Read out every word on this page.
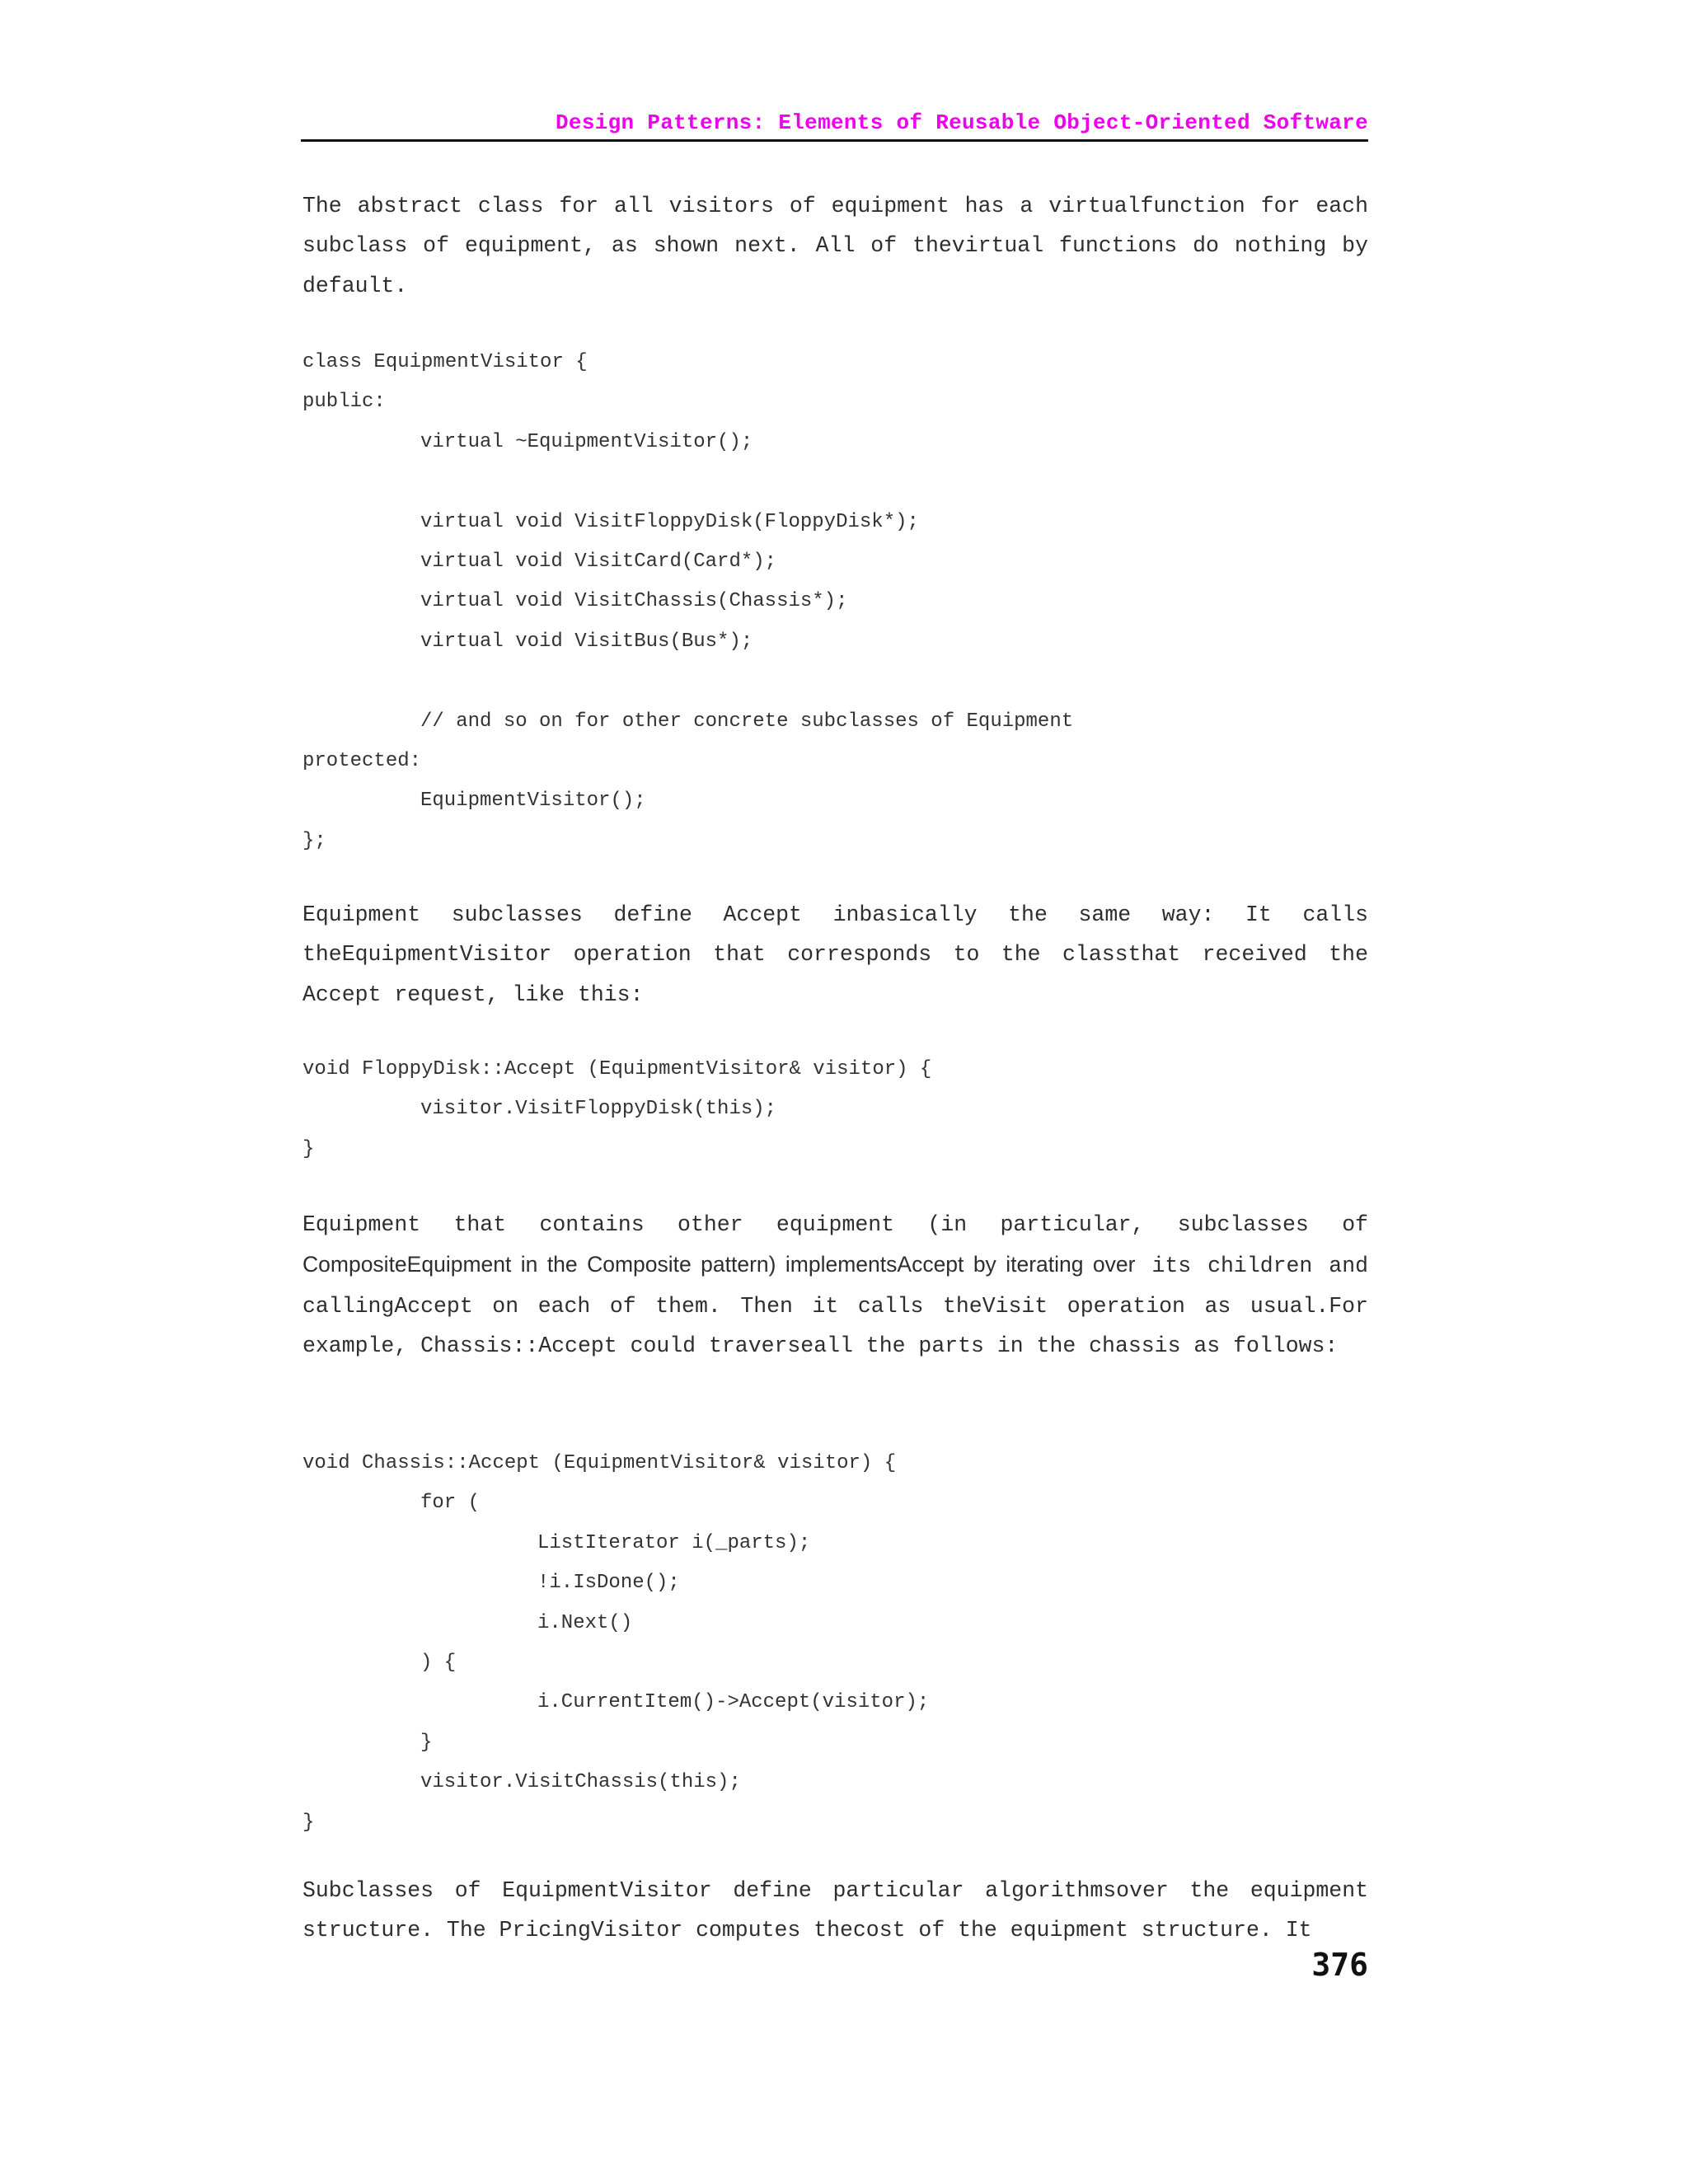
Design Patterns: Elements of Reusable Object-Oriented Software

The abstract class for all visitors of equipment has a virtualfunction for each subclass of equipment, as shown next. All of thevirtual functions do nothing by default.

class EquipmentVisitor {
public:
virtual ~EquipmentVisitor();
virtual void VisitFloppyDisk(FloppyDisk*);
virtual void VisitCard(Card*);
virtual void VisitChassis(Chassis*);
virtual void VisitBus(Bus*);
// and so on for other concrete subclasses of Equipment
protected:
EquipmentVisitor();
};

Equipment subclasses define Accept inbasically the same way: It calls theEquipmentVisitor operation that corresponds to the classthat received the Accept request, like this:

void FloppyDisk::Accept (EquipmentVisitor& visitor) {
visitor.VisitFloppyDisk(this);
}

Equipment that contains other equipment (in particular, subclasses of CompositeEquipment in the Composite pattern) implementsAccept by iterating over its children and callingAccept on each of them. Then it calls theVisit operation as usual.For example, Chassis::Accept could traverseall the parts in the chassis as follows:

void Chassis::Accept (EquipmentVisitor& visitor) {
for (
ListIterator i(_parts);
!i.IsDone();
i.Next()
) {
i.CurrentItem()->Accept(visitor);
}
visitor.VisitChassis(this);
}

Subclasses of EquipmentVisitor define particular algorithmsover the equipment structure. The PricingVisitor computes thecost of the equipment structure. It

376
